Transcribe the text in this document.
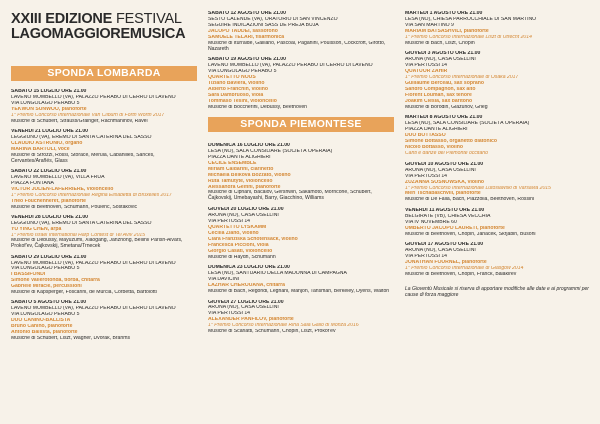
XXIII EDIZIONE FESTIVAL
LAGOMAGGIOREMUSICA
SPONDA LOMBARDA
SABATO 15 LUGLIO ORE 21.00
LAVENO MOMBELLO (VA), PALAZZO PERABÒ DI CERRO DI LAVENO
VIA LUNGOLAGO PERABÒ 5
YEKWON SUNWOO, pianoforte
1° Premio Concorso Internazionale Van Cliburn di Forth Worth 2017
Musiche di Schubert, Strauss/Grainger, Rachmaninov, Ravel
VENERDÌ 21 LUGLIO ORE 21.00
LEGGIUNO (VA), EREMO DI SANTA CATERINA DEL SASSO
CLAUDIO ASTRONIO, organo
MARINA BARTOLI, voce
Musiche di Strozzi, Rossi, Storace, Merula, Cabanilles, Sances, Cervantes/Arañés, Glass
SABATO 22 LUGLIO ORE 21.00
LAVENO MOMBELLO (VA), VILLA FRUA
PIAZZA FONTANA
VICTOR JULIEN-LAFERRIÈRE, violoncello
1° Premio Concorso Internazionale Regina Elisabetta di Bruxelles 2017
Théo Fouchenneret, pianoforte
Musiche di Beethoven, Schumann, Poulenc, Šostakovič
VENERDÌ 28 LUGLIO ORE 21.00
LEGGIUNO (VA), EREMO DI SANTA CATERINA DEL SASSO
YU YING CHEN, arpa
1° Premio Israel International Harp Contest di Tel Aviv 2015
Musiche di Debussy, Mayuzumi, Xiaogang, Janzhong, Bellini/ Parish-Alvars, Prokof'ev, Čajkovskij, Smetana/Trnecek
SABATO 29 LUGLIO ORE 21.00
LAVENO MOMBELLO (VA), PALAZZO PERABÒ DI CERRO DI LAVENO
VIA LUNGOLAGO PERABÒ 5
I BASSIFONDI
Simone Vallerotonda, tiorba, chitarra
Gabriele Miracle, percussioni
Musiche di Kapsperger, Foscarini, de Murcia, Corbetta, Bartolotti
SABATO 5 AGOSTO ORE 21.00
LAVENO MOMBELLO (VA), PALAZZO PERABÒ DI CERRO DI LAVENO
VIA LUNGOLAGO PERABÒ 5
DUO CANINO-BALLISTA
Bruno Canino, pianoforte
Antonio Ballista, pianoforte
Musiche di Schubert, Liszt, Wagner, Dvořák, Brahms
SABATO 12 AGOSTO ORE 21.00
SESTO CALENDE (VA), ORATORIO DI SAN VINCENZO
SEGUIRE INDICAZIONI SASS DE PREJA BUJA
JACOPO TADDEI, sassofono
SAMUELE TELARI, fisarmonica
Musiche di Iturralde, Galliano, Pascoal, Paganini, Poulsson, Cockcroft, Girotto, Nazareth
SABATO 19 AGOSTO ORE 21.00
LAVENO MOMBELLO (VA), PALAZZO PERABÒ DI CERRO DI LAVENO
VIA LUNGOLAGO PERABÒ 5
QUARTETTO NOÛS
Tiziano Baviera, violino
Alberto Franchin, violino
Sara Dambruoso, viola
Tommaso Tesini, violoncello
Musiche di Boccherini, Debussy, Beethoven
SPONDA PIEMONTESE
DOMENICA 16 LUGLIO ORE 21.00
LESA (NO), SALA CONSILIARE (SOCIETÀ OPERAIA)
PIAZZA DANTE ALIGHIERI
CÉCILE ENSEMBLE
Miriam Caldarini, clarinetto
Michaela Bilíková Bozzato, violino
Ruta Tamutyte, violoncello
Alessandra Gelfini, pianoforte
Musiche di Cipriani, Bacalov, Gershwin, Sakamoto, Morricone, Schubert, Čajkovskij, Umebayashi, Barry, Giacchino, Williams
GIOVEDÌ 20 LUGLIO ORE 21.00
ARONA (NO), CASA USELLINI
VIA PERTOSSI 14
QUARTETTO LYSKAMM
Cecilia Ziano, violino
Clara Franziska Schötensack, violino
Francesca Piccioni, viola
Giorgio Casati, violoncello
Musiche di Haydn, Schumann
DOMENICA 23 LUGLIO ORE 21.00
LESA (NO), SANTUARIO DELLA MADONNA DI CAMPAGNA
VIA DAVICINI
LAZHAR CHEROUANA, chitarra
Musiche di Bach, Regondi, Legnani, Manjón, Tansman, Berkeley, Dyens, Walton
GIOVEDÌ 27 LUGLIO ORE 21.00
ARONA (NO), CASA USELLINI
VIA PERTOSSI 14
ALEXANDER PANFILOV, pianoforte
1° Premio Concorso Internazionale Rina Sala Gallo di Monza 2016
Musiche di Scarlatti, Schumann, Chopin, Liszt, Prokof'ev
MARTEDÌ 1 AGOSTO ORE 21.00
LESA (NO), CHIESA PARROCCHIALE DI SAN MARTINO
VIA SAN MARTINO 9
MARIAM BATSASHVILI, pianoforte
1° Premio Concorso Internazionale Liszt di Utrecht 2014
Musiche di Bach, Liszt, Chopin
GIOVEDÌ 3 AGOSTO ORE 21.00
ARONA (NO), CASA USELLINI
VIA PERTOSSI 14
QUATUOR ZAHIR
1° Premio Concorso Internazionale di Osaka 2017
Guillaume Berceau, sax soprano
Sandro Compagnon, sax alto
Florent Louman, sax tenore
Joakim Ciesla, sax baritono
Musiche di Borodin, Glazunov, Grieg
MARTEDÌ 8 AGOSTO ORE 21.00
LESA (NO), SALA CONSILIARE (SOCIETÀ OPERAIA)
PIAZZA DANTE ALIGHIERI
DUO BOTTASSO
Simone Bottasso, organetto diatonico
Nicolò Bottasso, violino
Canti e danze del Piemonte occitano
GIOVEDÌ 10 AGOSTO ORE 21.00
ARONA (NO), CASA USELLINI
VIA PERTOSSI 14
ZUZANNA SOSNOWSKA, violino
1° Premio Concorso Internazionale Lutoslawski di Varsavia 2015
Meri Tschabaschvili, pianoforte
Musiche di De Falla, Bach, Piazzolla, Beethoven, Rossini
VENERDÌ 11 AGOSTO ORE 21.00
BELGIRATE (VB), CHIESA VECCHIA
VIA IV NOVEMBRE 60
UMBERTO JACOPO LAURETI, pianoforte
Musiche di Beethoven, Chopin, Janáček, Skrjabin, Busoni
GIOVEDÌ 17 AGOSTO ORE 21.00
ARONA (NO), CASA USELLINI
VIA PERTOSSI 14
JONATHAN FOURNEL, pianoforte
1° Premio Concorso Internazionale di Glasgow 2014
Musiche di Beethoven, Chopin, Franck, Balakirev
La Gioventù Musicale si riserva di apportare modifiche alle date e ai programmi per cause di forza maggiore
